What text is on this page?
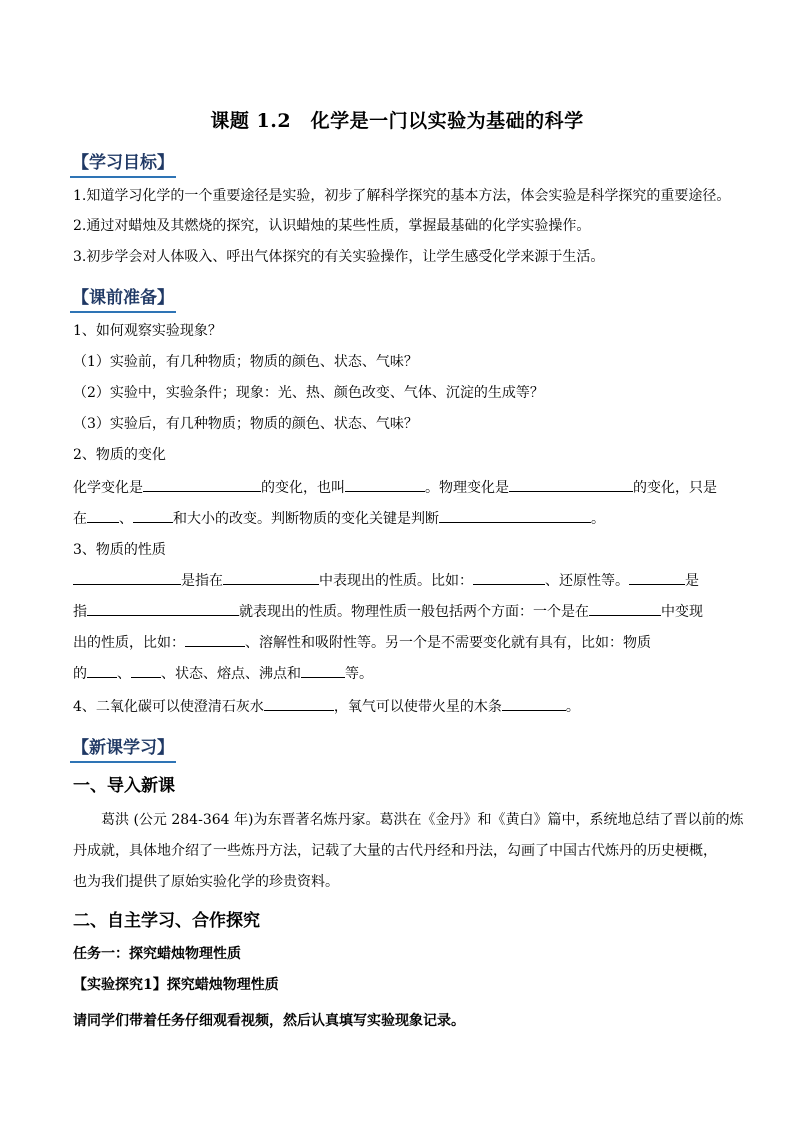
课题 1.2　化学是一门以实验为基础的科学
【学习目标】
1.知道学习化学的一个重要途径是实验，初步了解科学探究的基本方法，体会实验是科学探究的重要途径。
2.通过对蜡烛及其燃烧的探究，认识蜡烛的某些性质，掌握最基础的化学实验操作。
3.初步学会对人体吸入、呼出气体探究的有关实验操作，让学生感受化学来源于生活。
【课前准备】
1、如何观察实验现象？
（1）实验前，有几种物质；物质的颜色、状态、气味？
（2）实验中，实验条件；现象：光、热、颜色改变、气体、沉淀的生成等？
（3）实验后，有几种物质；物质的颜色、状态、气味？
2、物质的变化
化学变化是	的变化，也叫	。物理变化是	的变化，只是
在 、	和大小的改变。判断物质的变化关键是判断	。
3、物质的性质
是指在	中表现出的性质。比如：	、还原性等。	是
指	就表现出的性质。物理性质一般包括两个方面：一个是在	中变现
出的性质，比如：	、溶解性和吸附性等。另一个是不需要变化就有具有，比如：物质
的 、 、状态、熔点、沸点和	等。
4、二氧化碳可以使澄清石灰水	，氧气可以使带火星的木条	。
【新课学习】
一、导入新课
葛洪 (公元 284-364 年)为东晋著名炼丹家。葛洪在《金丹》和《黄白》篇中，系统地总结了晋以前的炼
丹成就，具体地介绍了一些炼丹方法，记载了大量的古代丹经和丹法，勾画了中国古代炼丹的历史梗概，
也为我们提供了原始实验化学的珍贵资料。
二、自主学习、合作探究
任务一：探究蜡烛物理性质
【实验探究1】探究蜡烛物理性质
请同学们带着任务仔细观看视频，然后认真填写实验现象记录。
